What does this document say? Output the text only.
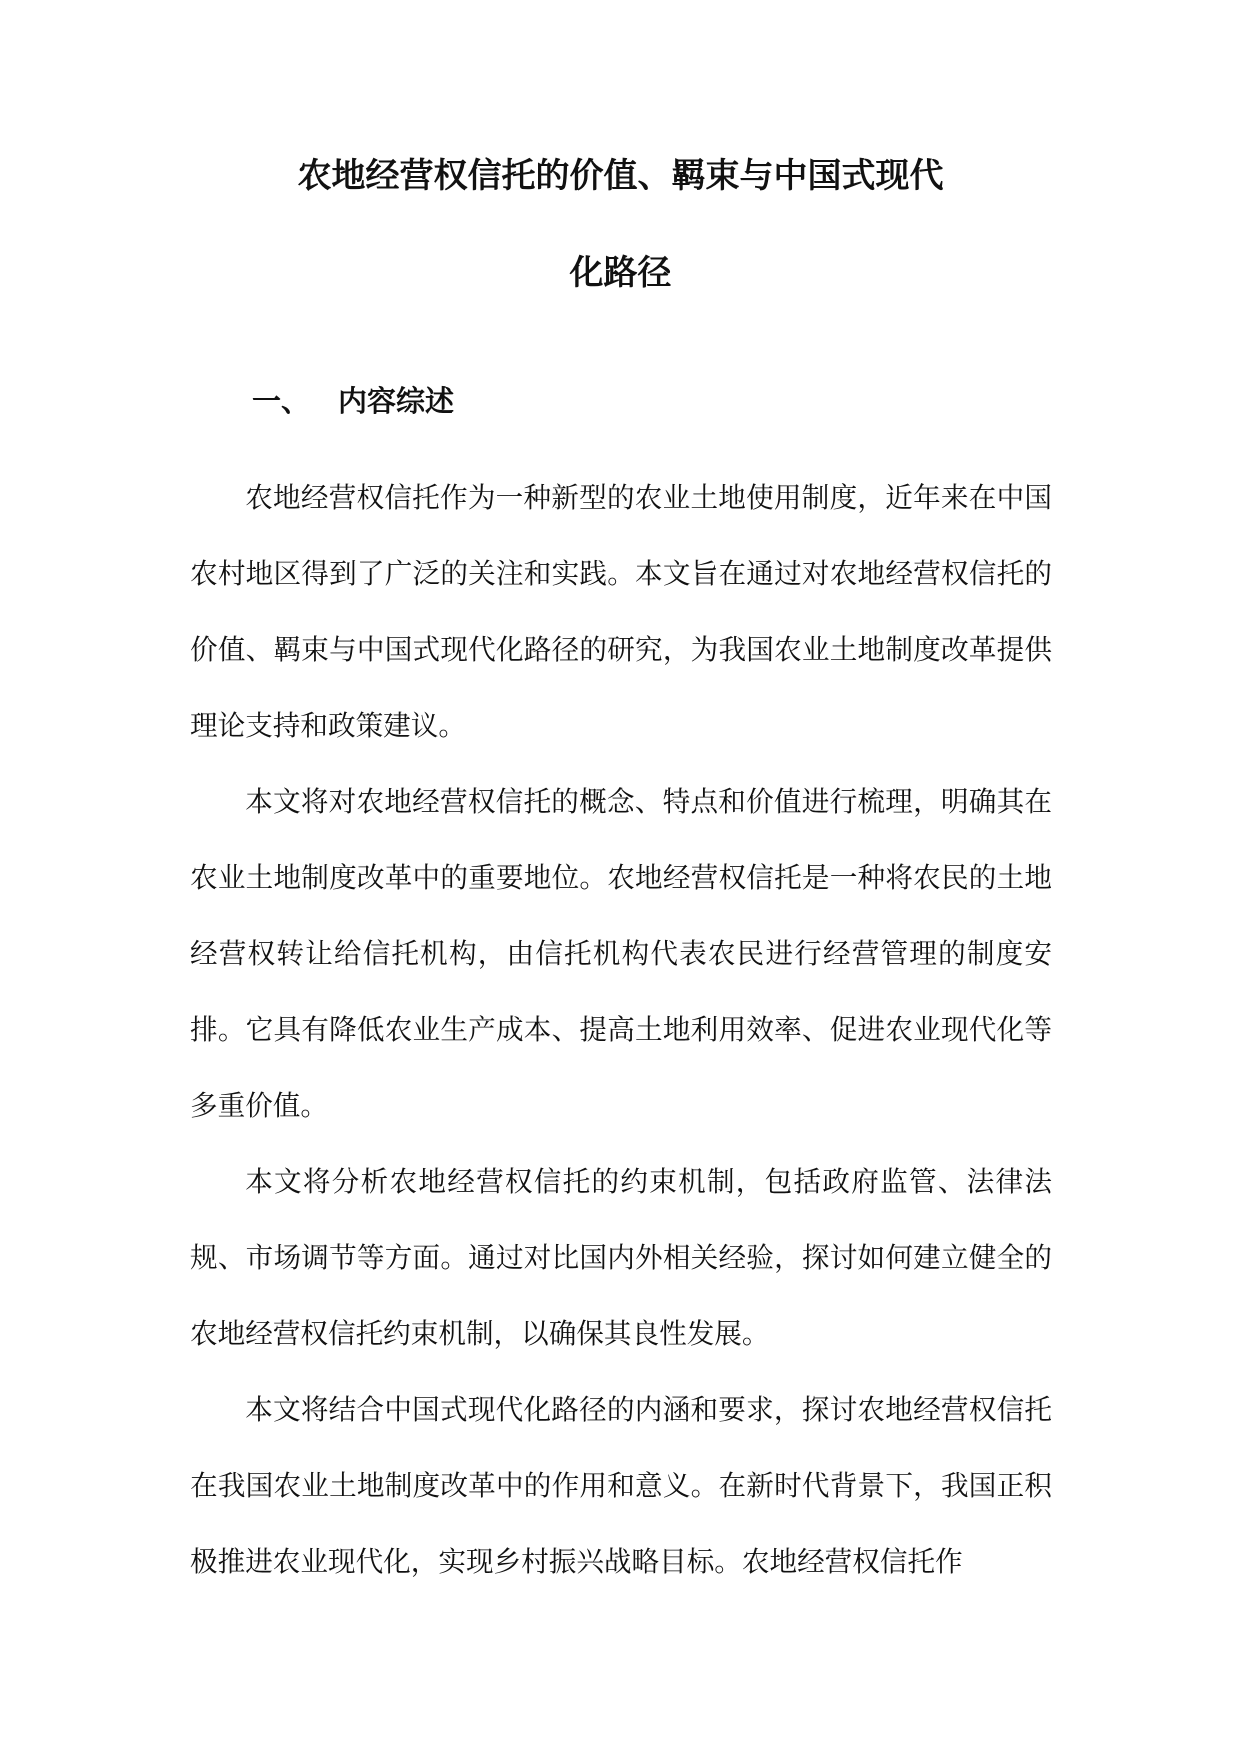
农地经营权信托的价值、羁束与中国式现代
化路径
一、 内容综述

农地经营权信托作为一种新型的农业土地使用制度，近年来在中国农村地区得到了广泛的关注和实践。本文旨在通过对农地经营权信托的价值、羁束与中国式现代化路径的研究，为我国农业土地制度改革提供理论支持和政策建议。

本文将对农地经营权信托的概念、特点和价值进行梳理，明确其在农业土地制度改革中的重要地位。农地经营权信托是一种将农民的土地经营权转让给信托机构，由信托机构代表农民进行经营管理的制度安排。它具有降低农业生产成本、提高土地利用效率、促进农业现代化等多重价值。

本文将分析农地经营权信托的约束机制，包括政府监管、法律法规、市场调节等方面。通过对比国内外相关经验，探讨如何建立健全的农地经营权信托约束机制，以确保其良性发展。

本文将结合中国式现代化路径的内涵和要求，探讨农地经营权信托在我国农业土地制度改革中的作用和意义。在新时代背景下，我国正积极推进农业现代化，实现乡村振兴战略目标。农地经营权信托作
